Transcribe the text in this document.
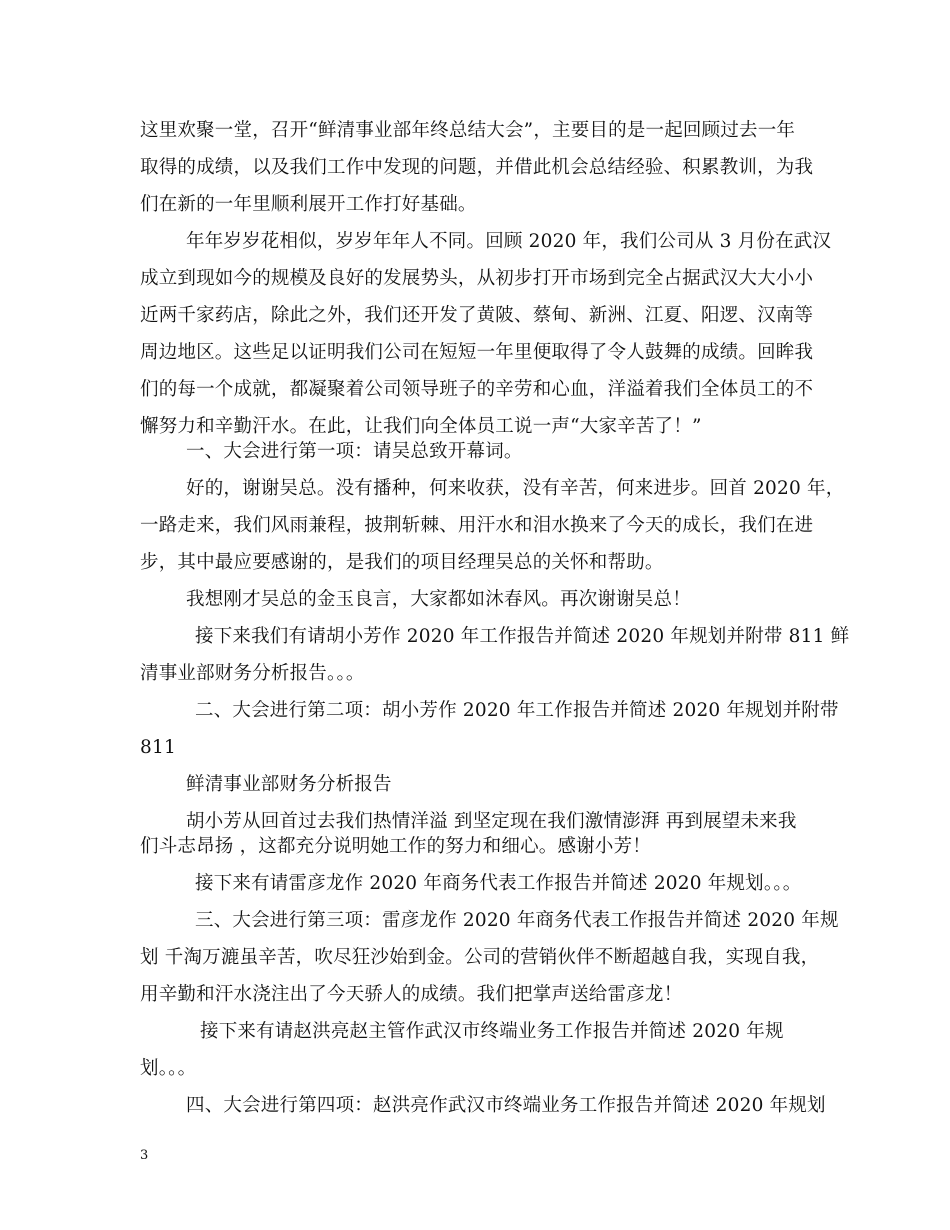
这里欢聚一堂，召开“鲜清事业部年终总结大会”，主要目的是一起回顾过去一年
取得的成绩，以及我们工作中发现的问题，并借此机会总结经验、积累教训，为我
们在新的一年里顺利展开工作打好基础。
年年岁岁花相似，岁岁年年人不同。回顾 2020 年，我们公司从 3 月份在武汉
成立到现如今的规模及良好的发展势头，从初步打开市场到完全占据武汉大大小小
近两千家药店，除此之外，我们还开发了黄陂、蔡甸、新洲、江夏、阳逻、汉南等
周边地区。这些足以证明我们公司在短短一年里便取得了令人鼓舞的成绩。回眸我
们的每一个成就，都凝聚着公司领导班子的辛劳和心血，洋溢着我们全体员工的不
懈努力和辛勤汗水。在此，让我们向全体员工说一声“大家辛苦了！”
一、大会进行第一项：请吴总致开幕词。
好的，谢谢吴总。没有播种，何来收获，没有辛苦，何来进步。回首 2020 年，
一路走来，我们风雨兼程，披荆斩棘、用汗水和泪水换来了今天的成长，我们在进
步，其中最应要感谢的，是我们的项目经理吴总的关怀和帮助。
我想刚才吴总的金玉良言，大家都如沐春风。再次谢谢吴总！
接下来我们有请胡小芳作 2020 年工作报告并简述 2020 年规划并附带 811 鲜
清事业部财务分析报告。。。
二、大会进行第二项：胡小芳作 2020 年工作报告并简述 2020 年规划并附带
811
鲜清事业部财务分析报告
胡小芳从回首过去我们热情洋溢 到坚定现在我们激情澎湃 再到展望未来我
们斗志昂扬 ，这都充分说明她工作的努力和细心。感谢小芳！
接下来有请雷彦龙作 2020 年商务代表工作报告并简述 2020 年规划。。。
三、大会进行第三项：雷彦龙作 2020 年商务代表工作报告并简述 2020 年规
划 千淘万漉虽辛苦，吹尽狂沙始到金。公司的营销伙伴不断超越自我，实现自我，
用辛勤和汗水浇注出了今天骄人的成绩。我们把掌声送给雷彦龙！
接下来有请赵洪亮赵主管作武汉市终端业务工作报告并简述 2020 年规
划。。。
四、大会进行第四项：赵洪亮作武汉市终端业务工作报告并简述 2020 年规划
3
